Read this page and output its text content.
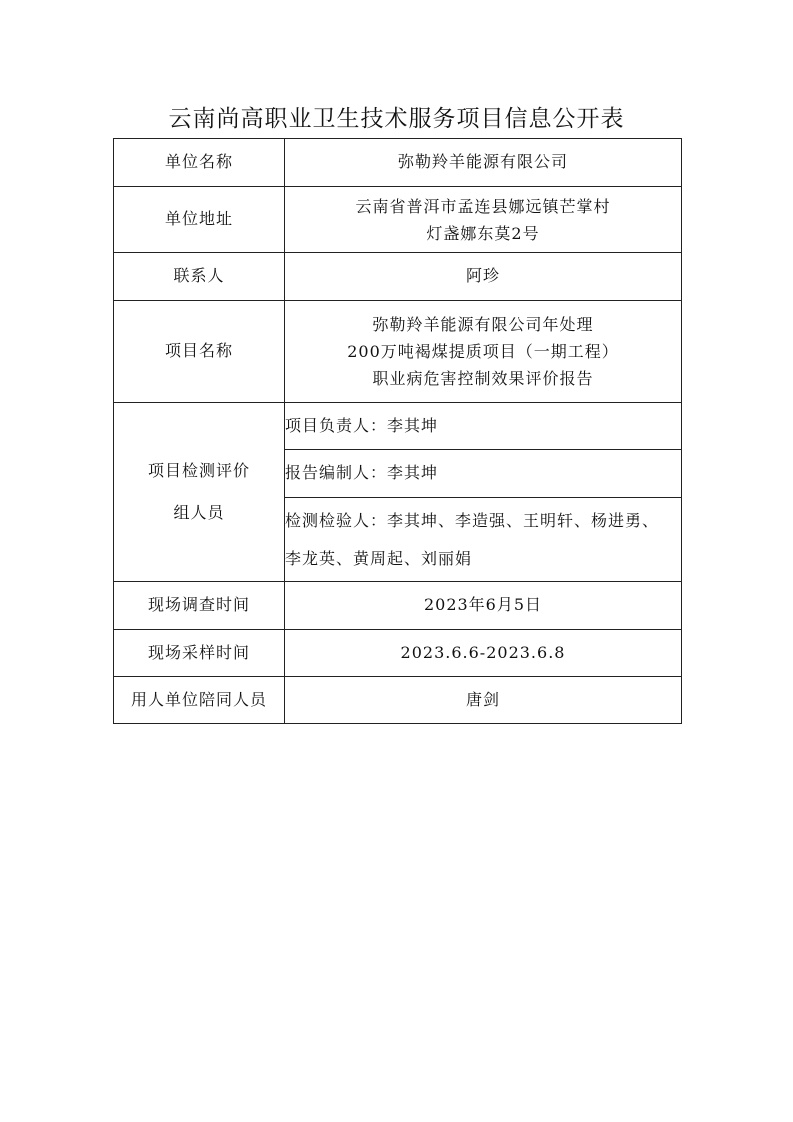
云南尚高职业卫生技术服务项目信息公开表
单位名称	弥勒羚羊能源有限公司
单位地址	云南省普洱市孟连县娜远镇芒掌村
灯盏娜东莫2号

联系人	阿珍
项目名称	弥勒羚羊能源有限公司年处理
200万吨褐煤提质项目（一期工程）
职业病危害控制效果评价报告

项目检测评价
组人员	项目负责人：李其坤
	报告编制人：李其坤

	检测检验人：李其坤、李造强、王明轩、杨进勇、
李龙英、黄周起、刘丽娟

现场调查时间	2023年6月5日
现场采样时间	2023.6.6-2023.6.8
用人单位陪同人员	唐剑
